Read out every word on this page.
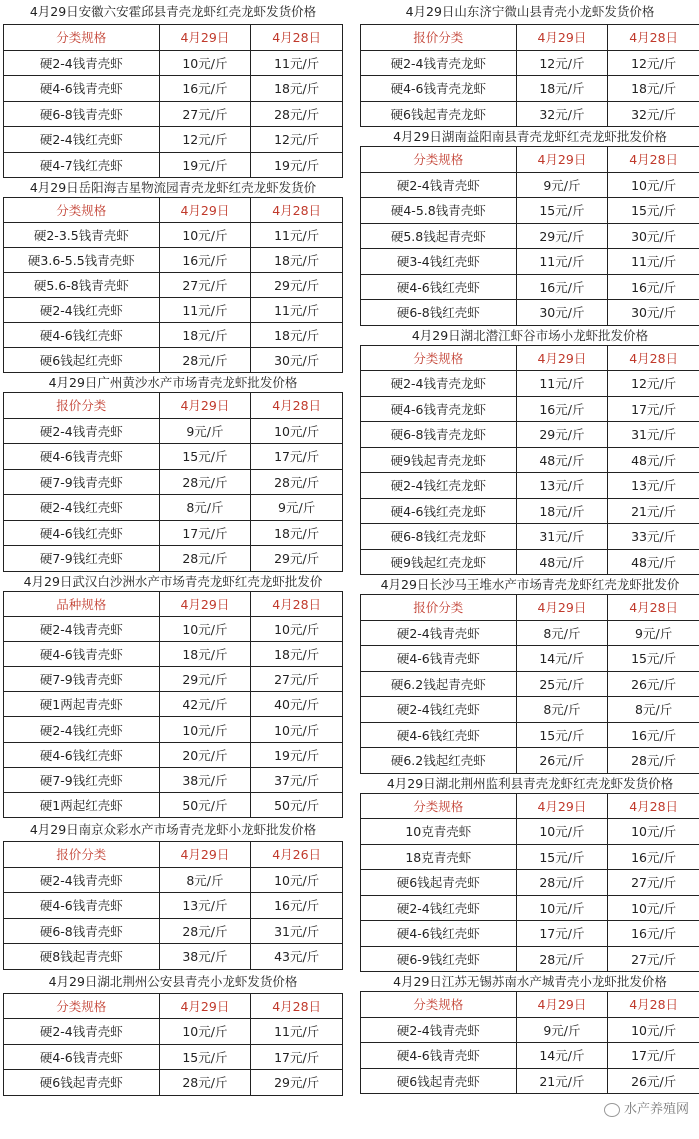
4月29日安徽六安霍邱县青壳龙虾红壳龙虾发货价格
分类规格	4月29日	4月28日
硬2-4钱青壳虾	10元/斤	11元/斤
硬4-6钱青壳虾	16元/斤	18元/斤
硬6-8钱青壳虾	27元/斤	28元/斤
硬2-4钱红壳虾	12元/斤	12元/斤
硬4-7钱红壳虾	19元/斤	19元/斤
4月29日岳阳海吉星物流园青壳龙虾红壳龙虾发货价
分类规格	4月29日	4月28日
硬2-3.5钱青壳虾	10元/斤	11元/斤
硬3.6-5.5钱青壳虾	16元/斤	18元/斤
硬5.6-8钱青壳虾	27元/斤	29元/斤
硬2-4钱红壳虾	11元/斤	11元/斤
硬4-6钱红壳虾	18元/斤	18元/斤
硬6钱起红壳虾	28元/斤	30元/斤
4月29日广州黄沙水产市场青壳龙虾批发价格
报价分类	4月29日	4月28日
硬2-4钱青壳虾	9元/斤	10元/斤
硬4-6钱青壳虾	15元/斤	17元/斤
硬7-9钱青壳虾	28元/斤	28元/斤
硬2-4钱红壳虾	8元/斤	9元/斤
硬4-6钱红壳虾	17元/斤	18元/斤
硬7-9钱红壳虾	28元/斤	29元/斤
4月29日武汉白沙洲水产市场青壳龙虾红壳龙虾批发价
品种规格	4月29日	4月28日
硬2-4钱青壳虾	10元/斤	10元/斤
硬4-6钱青壳虾	18元/斤	18元/斤
硬7-9钱青壳虾	29元/斤	27元/斤
硬1两起青壳虾	42元/斤	40元/斤
硬2-4钱红壳虾	10元/斤	10元/斤
硬4-6钱红壳虾	20元/斤	19元/斤
硬7-9钱红壳虾	38元/斤	37元/斤
硬1两起红壳虾	50元/斤	50元/斤
4月29日南京众彩水产市场青壳龙虾小龙虾批发价格
报价分类	4月29日	4月26日
硬2-4钱青壳虾	8元/斤	10元/斤
硬4-6钱青壳虾	13元/斤	16元/斤
硬6-8钱青壳虾	28元/斤	31元/斤
硬8钱起青壳虾	38元/斤	43元/斤
4月29日湖北荆州公安县青壳小龙虾发货价格
分类规格	4月29日	4月28日
硬2-4钱青壳虾	10元/斤	11元/斤
硬4-6钱青壳虾	15元/斤	17元/斤
硬6钱起青壳虾	28元/斤	29元/斤
4月29日山东济宁微山县青壳小龙虾发货价格
报价分类	4月29日	4月28日
硬2-4钱青壳龙虾	12元/斤	12元/斤
硬4-6钱青壳龙虾	18元/斤	18元/斤
硬6钱起青壳龙虾	32元/斤	32元/斤
4月29日湖南益阳南县青壳龙虾红壳龙虾批发价格
分类规格	4月29日	4月28日
硬2-4钱青壳虾	9元/斤	10元/斤
硬4-5.8钱青壳虾	15元/斤	15元/斤
硬5.8钱起青壳虾	29元/斤	30元/斤
硬3-4钱红壳虾	11元/斤	11元/斤
硬4-6钱红壳虾	16元/斤	16元/斤
硬6-8钱红壳虾	30元/斤	30元/斤
4月29日湖北潜江虾谷市场小龙虾批发价格
分类规格	4月29日	4月28日
硬2-4钱青壳龙虾	11元/斤	12元/斤
硬4-6钱青壳龙虾	16元/斤	17元/斤
硬6-8钱青壳龙虾	29元/斤	31元/斤
硬9钱起青壳龙虾	48元/斤	48元/斤
硬2-4钱红壳龙虾	13元/斤	13元/斤
硬4-6钱红壳龙虾	18元/斤	21元/斤
硬6-8钱红壳龙虾	31元/斤	33元/斤
硬9钱起红壳龙虾	48元/斤	48元/斤
4月29日长沙马王堆水产市场青壳龙虾红壳龙虾批发价
报价分类	4月29日	4月28日
硬2-4钱青壳虾	8元/斤	9元/斤
硬4-6钱青壳虾	14元/斤	15元/斤
硬6.2钱起青壳虾	25元/斤	26元/斤
硬2-4钱红壳虾	8元/斤	8元/斤
硬4-6钱红壳虾	15元/斤	16元/斤
硬6.2钱起红壳虾	26元/斤	28元/斤
4月29日湖北荆州监利县青壳龙虾红壳龙虾发货价格
分类规格	4月29日	4月28日
10克青壳虾	10元/斤	10元/斤
18克青壳虾	15元/斤	16元/斤
硬6钱起青壳虾	28元/斤	27元/斤
硬2-4钱红壳虾	10元/斤	10元/斤
硬4-6钱红壳虾	17元/斤	16元/斤
硬6-9钱红壳虾	28元/斤	27元/斤
4月29日江苏无锡苏南水产城青壳小龙虾批发价格
分类规格	4月29日	4月28日
硬2-4钱青壳虾	9元/斤	10元/斤
硬4-6钱青壳虾	14元/斤	17元/斤
硬6钱起青壳虾	21元/斤	26元/斤
水产养殖网
